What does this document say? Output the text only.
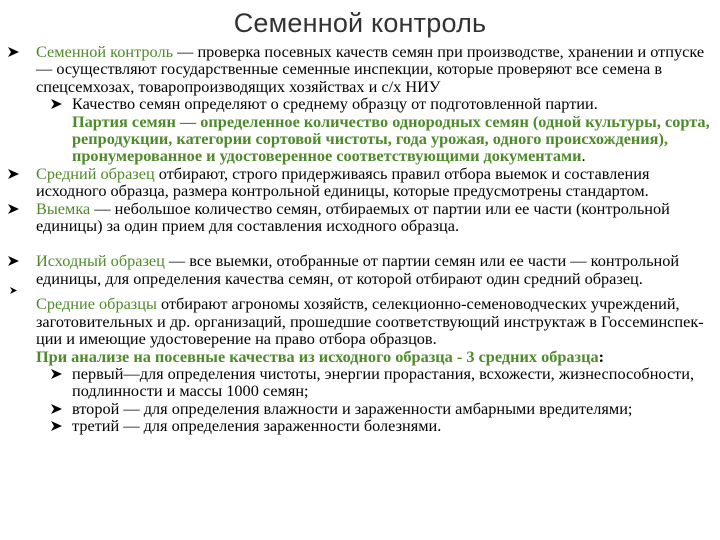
Семенной контроль
Семенной контроль — проверка посевных качеств семян при производстве, хранении и отпуске — осуществляют государственные семенные инспекции, которые проверяют все семена в спецсемхозах, товаропроизводящих хозяйствах и с/х НИУ
Качество семян определяют о среднему образцу от подготовленной партии.
Партия семян — определенное количество однородных семян (одной культуры, сорта, репродукции, категории сортовой чистоты, года урожая, одного происхождения), пронумерованное и удостоверенное соответствующими документами.
Средний образец отбирают, строго придерживаясь правил отбора выемок и составления исходного образца, размера контрольной единицы, которые предусмотрены стандартом.
Выемка — небольшое количество семян, отбираемых от партии или ее части (контрольной единицы) за один прием для составления исходного образца.
Исходный образец — все выемки, отобранные от партии семян или ее части — контрольной единицы, для определения качества семян, от которой отбирают один средний образец.
Средние образцы отбирают агрономы хозяйств, селекционно-семеноводческих учреждений, заготовительных и др. организаций, прошедшие соответствующий инструктаж в Госсеминспек-ции и имеющие удостоверение на право отбора образцов.
При анализе на посевные качества из исходного образца - 3 средних образца:
первый—для определения чистоты, энергии прорастания, всхожести, жизнеспособности, подлинности и массы 1000 семян;
второй — для определения влажности и зараженности амбарными вредителями;
третий — для определения зараженности болезнями.
